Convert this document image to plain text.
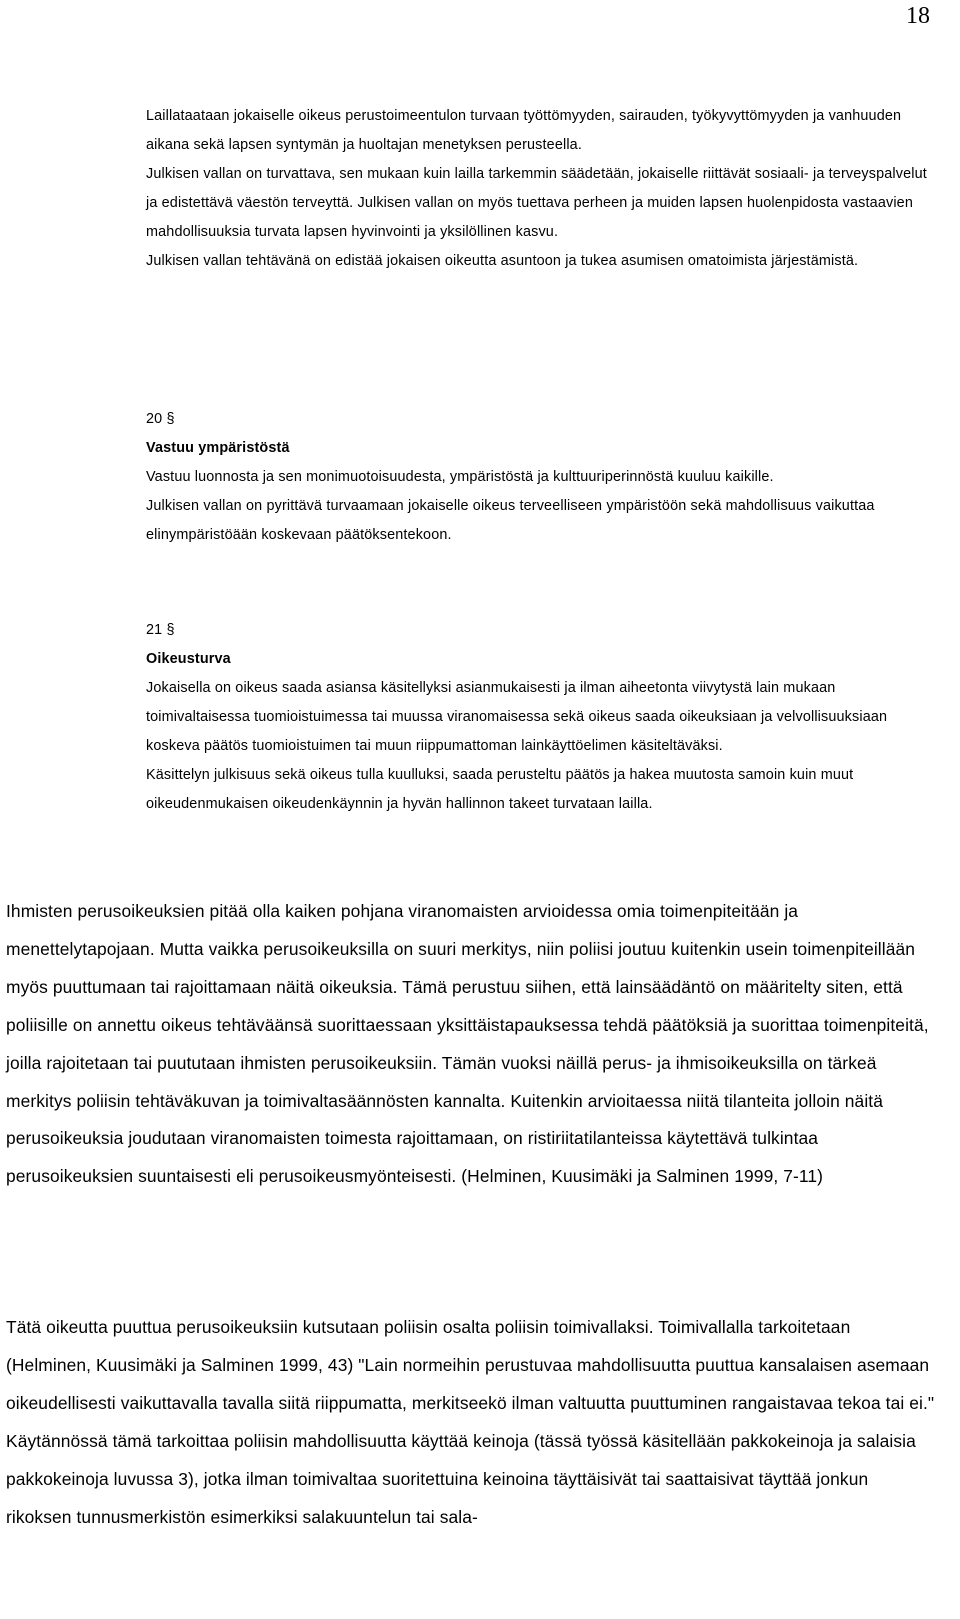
18

Laillataataan jokaiselle oikeus perustoimeentulon turvaan työttömyyden, sairauden, työkyvyttömyyden ja vanhuuden aikana sekä lapsen syntymän ja huoltajan menetyksen perusteella.

Julkisen vallan on turvattava, sen mukaan kuin lailla tarkemmin säädetään, jokaiselle riittävät sosiaali- ja terveyspalvelut ja edistettävä väestön terveyttä. Julkisen vallan on myös tuettava perheen ja muiden lapsen huolenpidosta vastaavien mahdollisuuksia turvata lapsen hyvinvointi ja yksilöllinen kasvu.

Julkisen vallan tehtävänä on edistää jokaisen oikeutta asuntoon ja tukea asumisen omatoimista järjestämistä.

20 §

Vastuu ympäristöstä

Vastuu luonnosta ja sen monimuotoisuudesta, ympäristöstä ja kulttuuriperinnöstä kuuluu kaikille.

Julkisen vallan on pyrittävä turvaamaan jokaiselle oikeus terveelliseen ympäristöön sekä mahdollisuus vaikuttaa elinympäristöään koskevaan päätöksentekoon.

21 §

Oikeusturva

Jokaisella on oikeus saada asiansa käsitellyksi asianmukaisesti ja ilman aiheetonta viivytystä lain mukaan toimivaltaisessa tuomioistuimessa tai muussa viranomaisessa sekä oikeus saada oikeuksiaan ja velvollisuuksiaan koskeva päätös tuomioistuimen tai muun riippumattoman lainkäyttöelimen käsiteltäväksi.

Käsittelyn julkisuus sekä oikeus tulla kuulluksi, saada perusteltu päätös ja hakea muutosta samoin kuin muut oikeudenmukaisen oikeudenkäynnin ja hyvän hallinnon takeet turvataan lailla.

Ihmisten perusoikeuksien pitää olla kaiken pohjana viranomaisten arvioidessa omia toimenpiteitään ja menettelytapojaan. Mutta vaikka perusoikeuksilla on suuri merkitys, niin poliisi joutuu kuitenkin usein toimenpiteillään myös puuttumaan tai rajoittamaan näitä oikeuksia. Tämä perustuu siihen, että lainsäädäntö on määritelty siten, että poliisille on annettu oikeus tehtäväänsä suorittaessaan yksittäistapauksessa tehdä päätöksiä ja suorittaa toimenpiteitä, joilla rajoitetaan tai puututaan ihmisten perusoikeuksiin. Tämän vuoksi näillä perus- ja ihmisoikeuksilla on tärkeä merkitys poliisin tehtäväkuvan ja toimivaltasäännösten kannalta. Kuitenkin arvioitaessa niitä tilanteita jolloin näitä perusoikeuksia joudutaan viranomaisten toimesta rajoittamaan, on ristiriitatilanteissa käytettävä tulkintaa perusoikeuksien suuntaisesti eli perusoikeusmyönteisesti. (Helminen, Kuusimäki ja Salminen 1999, 7-11)

Tätä oikeutta puuttua perusoikeuksiin kutsutaan poliisin osalta poliisin toimivallaksi. Toimivallalla tarkoitetaan (Helminen, Kuusimäki ja Salminen 1999, 43) "Lain normeihin perustuvaa mahdollisuutta puuttua kansalaisen asemaan oikeudellisesti vaikuttavalla tavalla siitä riippumatta, merkitseekö ilman valtuutta puuttuminen rangaistavaa tekoa tai ei." Käytännössä tämä tarkoittaa poliisin mahdollisuutta käyttää keinoja (tässä työssä käsitellään pakkokeinoja ja salaisia pakkokeinoja luvussa 3), jotka ilman toimivaltaa suoritettuina keinoina täyttäisivät tai saattaisivat täyttää jonkun rikoksen tunnusmerkistön esimerkiksi salakuuntelun tai sala-
